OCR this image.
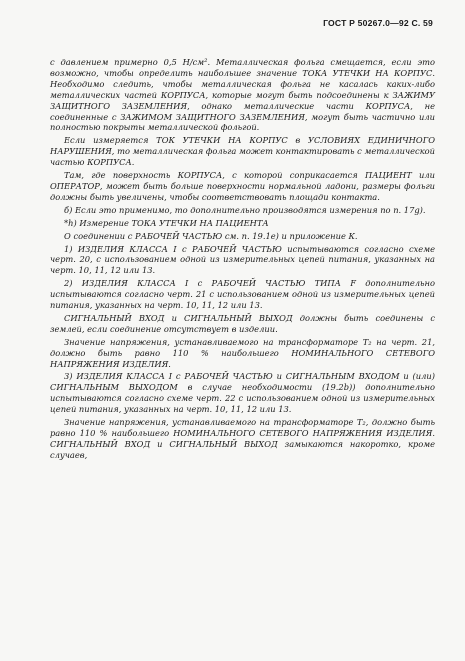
ГОСТ Р 50267.0—92 С. 59

с давлением примерно 0,5 Н/см². Металлическая фольга смещается, если это возможно, чтобы определить наибольшее значение ТОКА УТЕЧКИ НА КОРПУС. Необходимо следить, чтобы металлическая фольга не касалась каких-либо металлических частей КОРПУСА, которые могут быть подсоединены к ЗАЖИМУ ЗАЩИТНОГО ЗАЗЕМЛЕНИЯ, однако металлические части КОРПУСА, не соединенные с ЗАЖИМОМ ЗАЩИТНОГО ЗАЗЕМЛЕНИЯ, могут быть частично или полностью покрыты металлической фольгой.

Если измеряется ТОК УТЕЧКИ НА КОРПУС в УСЛОВИЯХ ЕДИНИЧНОГО НАРУШЕНИЯ, то металлическая фольга может контактировать с металлической частью КОРПУСА.

Там, где поверхность КОРПУСА, с которой соприкасается ПАЦИЕНТ или ОПЕРАТОР, может быть больше поверхности нормальной ладони, размеры фольги должны быть увеличены, чтобы соответствовать площади контакта.

б) Если это применимо, то дополнительно производятся измерения по п. 17g).

*h) Измерение ТОКА УТЕЧКИ НА ПАЦИЕНТА

О соединении с РАБОЧЕЙ ЧАСТЬЮ см. п. 19.1е) и приложение К.

1) ИЗДЕЛИЯ КЛАССА I с РАБОЧЕЙ ЧАСТЬЮ испытываются согласно схеме черт. 20, с использованием одной из измерительных цепей питания, указанных на черт. 10, 11, 12 или 13.

2) ИЗДЕЛИЯ КЛАССА I с РАБОЧЕЙ ЧАСТЬЮ ТИПА F дополнительно испытываются согласно черт. 21 с использованием одной из измерительных цепей питания, указанных на черт. 10, 11, 12 или 13.

СИГНАЛЬНЫЙ ВХОД и СИГНАЛЬНЫЙ ВЫХОД должны быть соединены с землей, если соединение отсутствует в изделии.

Значение напряжения, устанавливаемого на трансформаторе T₂ на черт. 21, должно быть равно 110 % наибольшего НОМИНАЛЬНОГО СЕТЕВОГО НАПРЯЖЕНИЯ ИЗДЕЛИЯ.

3) ИЗДЕЛИЯ КЛАССА I с РАБОЧЕЙ ЧАСТЬЮ и СИГНАЛЬНЫМ ВХОДОМ и (или) СИГНАЛЬНЫМ ВЫХОДОМ в случае необходимости (19.2b)) дополнительно испытываются согласно схеме черт. 22 с использованием одной из измерительных цепей питания, указанных на черт. 10, 11, 12 или 13.

Значение напряжения, устанавливаемого на трансформаторе T₂, должно быть равно 110 % наибольшего НОМИНАЛЬНОГО СЕТЕВОГО НАПРЯЖЕНИЯ ИЗДЕЛИЯ. СИГНАЛЬНЫЙ ВХОД и СИГНАЛЬНЫЙ ВЫХОД замыкаются накоротко, кроме случаев,
